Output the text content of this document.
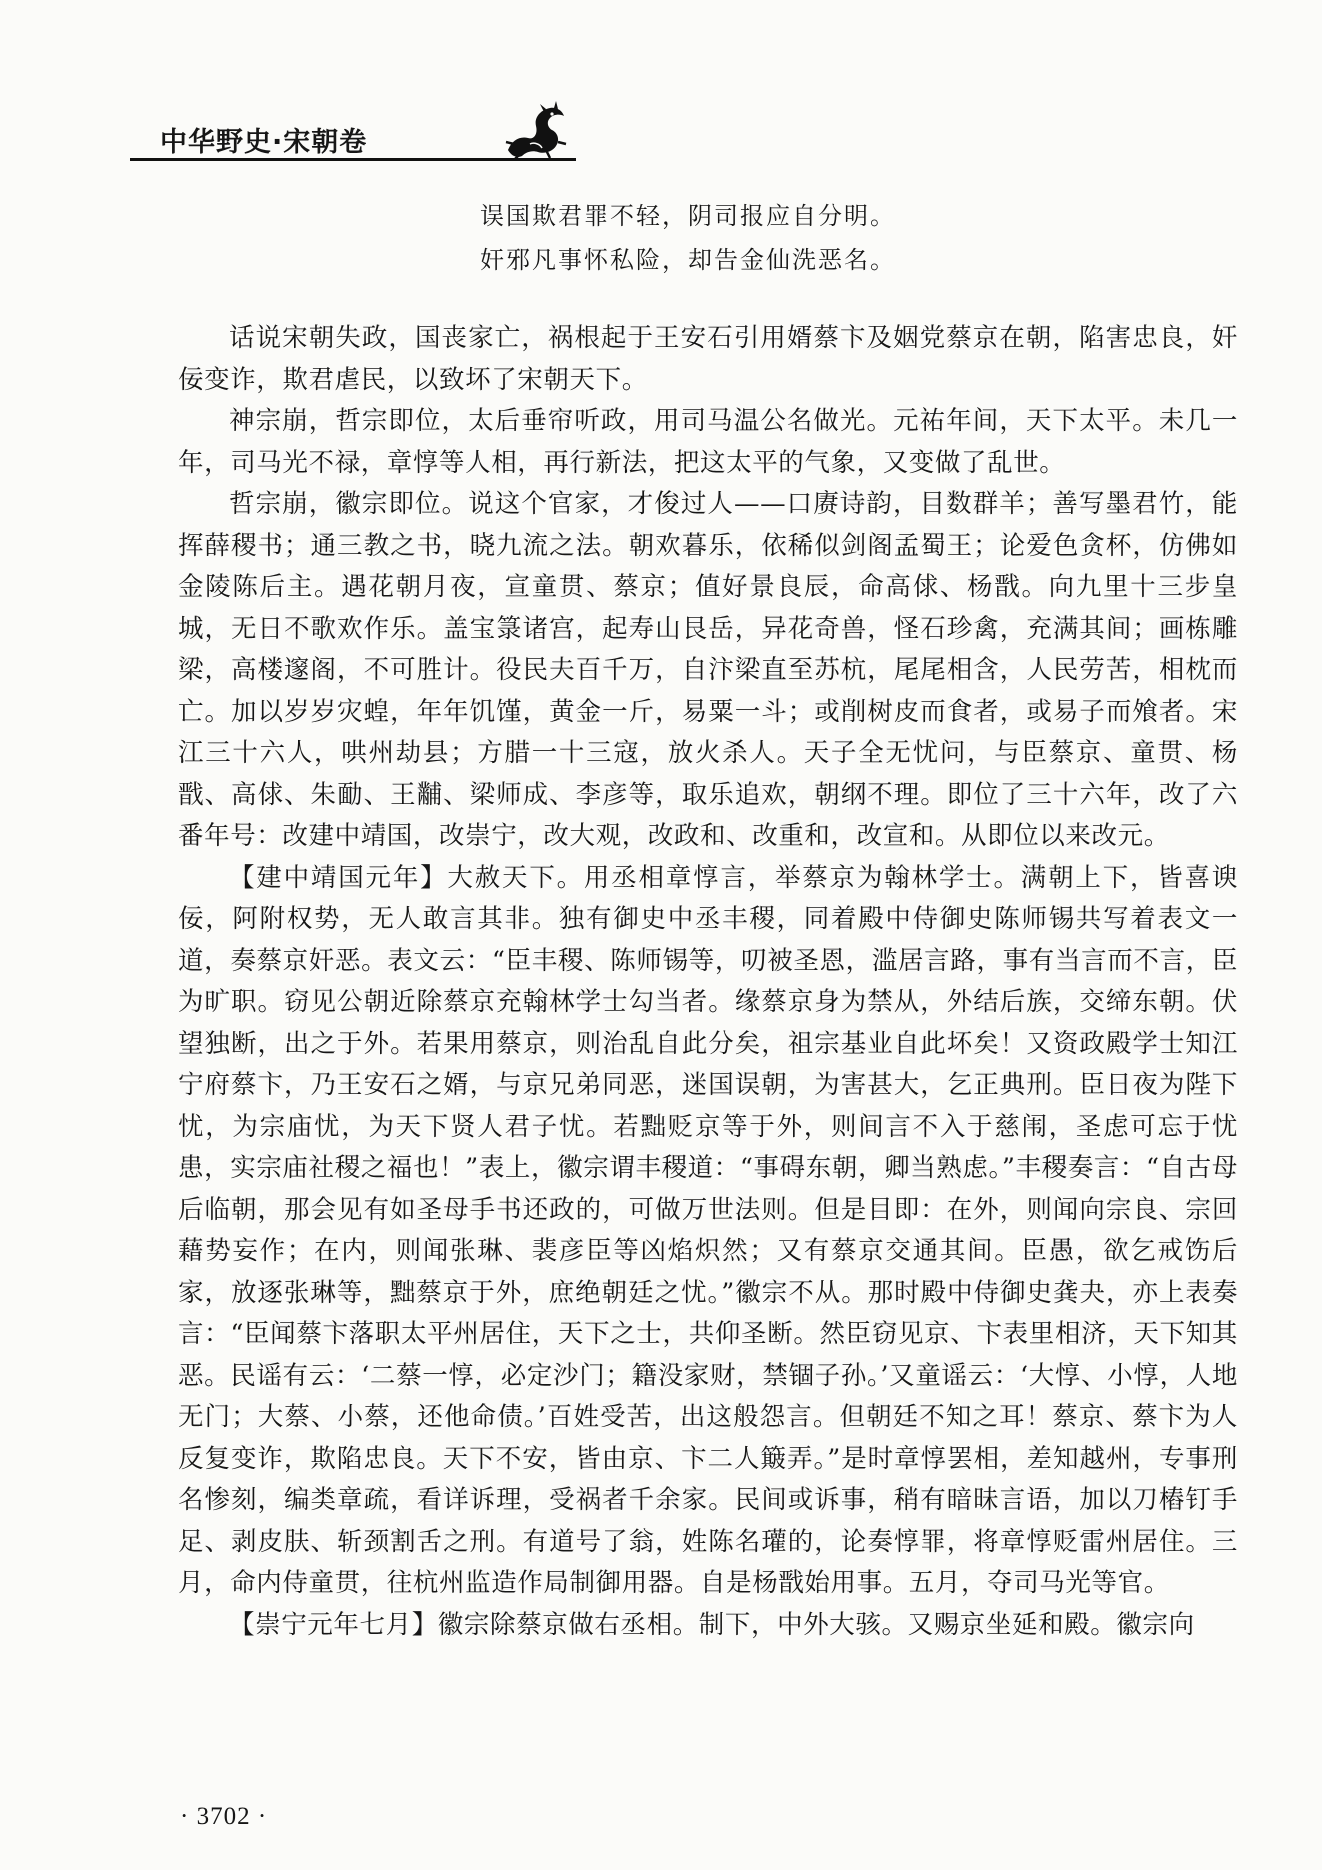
中华野史·宋朝卷
误国欺君罪不轻，阴司报应自分明。
奸邪凡事怀私险，却告金仙洗恶名。

话说宋朝失政，国丧家亡，祸根起于王安石引用婿蔡卞及姻党蔡京在朝，陷害忠良，奸佞变诈，欺君虐民，以致坏了宋朝天下。

神宗崩，哲宗即位，太后垂帘听政，用司马温公名做光。元祐年间，天下太平。未几一年，司马光不禄，章惇等人相，再行新法，把这太平的气象，又变做了乱世。

哲宗崩，徽宗即位。说这个官家，才俊过人——口赓诗韵，目数群羊；善写墨君竹，能挥薛稷书；通三教之书，晓九流之法。朝欢暮乐，依稀似剑阁孟蜀王；论爱色贪杯，仿佛如金陵陈后主。遇花朝月夜，宣童贯、蔡京；值好景良辰，命高俅、杨戬。向九里十三步皇城，无日不歌欢作乐。盖宝箓诸宫，起寿山艮岳，异花奇兽，怪石珍禽，充满其间；画栋雕梁，高楼邃阁，不可胜计。役民夫百千万，自汴梁直至苏杭，尾尾相含，人民劳苦，相枕而亡。加以岁岁灾蝗，年年饥馑，黄金一斤，易粟一斗；或削树皮而食者，或易子而飧者。宋江三十六人，哄州劫县；方腊一十三寇，放火杀人。天子全无忧问，与臣蔡京、童贯、杨戬、高俅、朱勔、王黼、梁师成、李彦等，取乐追欢，朝纲不理。即位了三十六年，改了六番年号：改建中靖国，改崇宁，改大观，改政和、改重和，改宣和。从即位以来改元。

【建中靖国元年】大赦天下。用丞相章惇言，举蔡京为翰林学士。满朝上下，皆喜谀佞，阿附权势，无人敢言其非。独有御史中丞丰稷，同着殿中侍御史陈师锡共写着表文一道，奏蔡京奸恶。表文云：“臣丰稷、陈师锡等，叨被圣恩，滥居言路，事有当言而不言，臣为旷职。窃见公朝近除蔡京充翰林学士勾当者。缘蔡京身为禁从，外结后族，交缔东朝。伏望独断，出之于外。若果用蔡京，则治乱自此分矣，祖宗基业自此坏矣！又资政殿学士知江宁府蔡卞，乃王安石之婿，与京兄弟同恶，迷国误朝，为害甚大，乞正典刑。臣日夜为陛下忧，为宗庙忧，为天下贤人君子忧。若黜贬京等于外，则间言不入于慈闱，圣虑可忘于忧患，实宗庙社稷之福也！”表上，徽宗谓丰稷道：“事碍东朝，卿当熟虑。”丰稷奏言：“自古母后临朝，那会见有如圣母手书还政的，可做万世法则。但是目即：在外，则闻向宗良、宗回藉势妄作；在内，则闻张琳、裴彦臣等凶焰炽然；又有蔡京交通其间。臣愚，欲乞戒饬后家，放逐张琳等，黜蔡京于外，庶绝朝廷之忧。”徽宗不从。那时殿中侍御史龚夬，亦上表奏言：“臣闻蔡卞落职太平州居住，天下之士，共仰圣断。然臣窃见京、卞表里相济，天下知其恶。民谣有云：‘二蔡一惇，必定沙门；籍没家财，禁锢子孙。’又童谣云：‘大惇、小惇，人地无门；大蔡、小蔡，还他命债。’百姓受苦，出这般怨言。但朝廷不知之耳！蔡京、蔡卞为人反复变诈，欺陷忠良。天下不安，皆由京、卞二人簸弄。”是时章惇罢相，差知越州，专事刑名惨刻，编类章疏，看详诉理，受祸者千余家。民间或诉事，稍有暗昧言语，加以刀樁钉手足、剥皮肤、斩颈割舌之刑。有道号了翁，姓陈名瓘的，论奏惇罪，将章惇贬雷州居住。三月，命内侍童贯，往杭州监造作局制御用器。自是杨戬始用事。五月，夺司马光等官。

【崇宁元年七月】徽宗除蔡京做右丞相。制下，中外大骇。又赐京坐延和殿。徽宗向

· 3702 ·
